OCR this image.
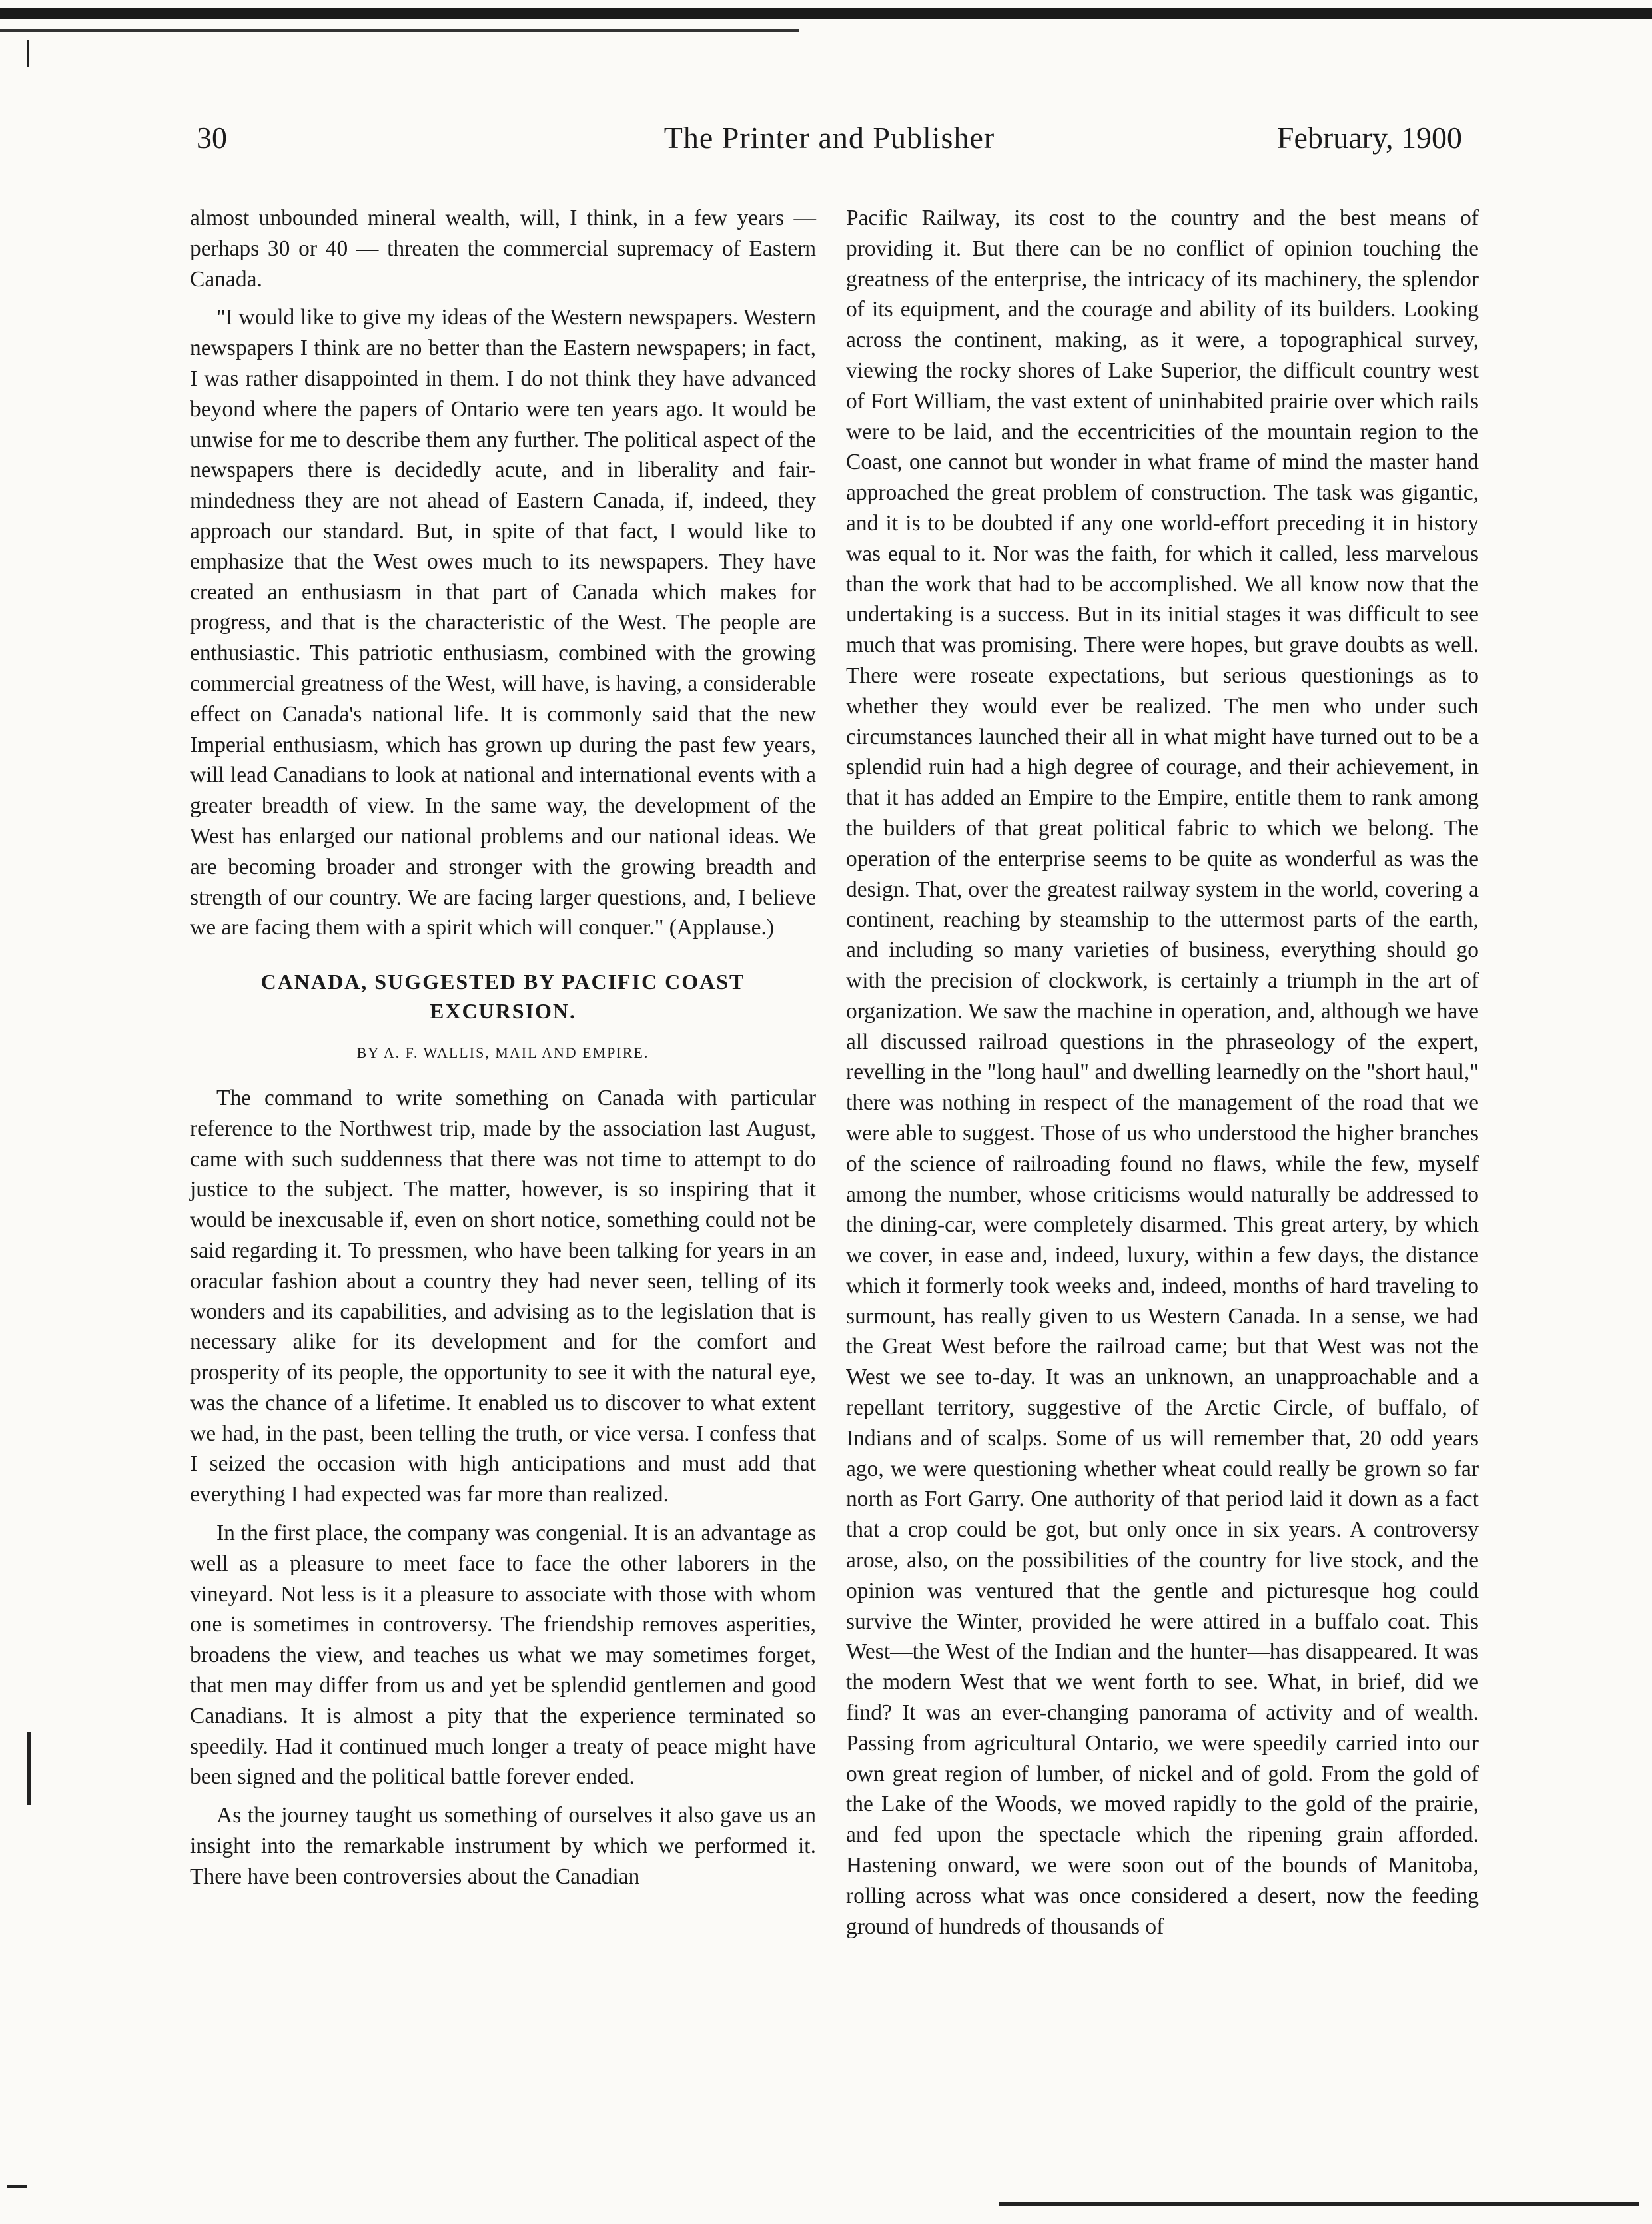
30	The Printer and Publisher	February, 1900

almost unbounded mineral wealth, will, I think, in a few years — perhaps 30 or 40 — threaten the commercial supremacy of Eastern Canada.

"I would like to give my ideas of the Western newspapers. Western newspapers I think are no better than the Eastern newspapers; in fact, I was rather disappointed in them. I do not think they have advanced beyond where the papers of Ontario were ten years ago. It would be unwise for me to describe them any further. The political aspect of the newspapers there is decidedly acute, and in liberality and fair-mindedness they are not ahead of Eastern Canada, if, indeed, they approach our standard. But, in spite of that fact, I would like to emphasize that the West owes much to its newspapers. They have created an enthusiasm in that part of Canada which makes for progress, and that is the characteristic of the West. The people are enthusiastic. This patriotic enthusiasm, combined with the growing commercial greatness of the West, will have, is having, a considerable effect on Canada's national life. It is commonly said that the new Imperial enthusiasm, which has grown up during the past few years, will lead Canadians to look at national and international events with a greater breadth of view. In the same way, the development of the West has enlarged our national problems and our national ideas. We are becoming broader and stronger with the growing breadth and strength of our country. We are facing larger questions, and, I believe we are facing them with a spirit which will conquer." (Applause.)

CANADA, SUGGESTED BY PACIFIC COAST EXCURSION.
BY A. F. WALLIS, MAIL AND EMPIRE.

The command to write something on Canada with particular reference to the Northwest trip, made by the association last August, came with such suddenness that there was not time to attempt to do justice to the subject. The matter, however, is so inspiring that it would be inexcusable if, even on short notice, something could not be said regarding it. To pressmen, who have been talking for years in an oracular fashion about a country they had never seen, telling of its wonders and its capabilities, and advising as to the legislation that is necessary alike for its development and for the comfort and prosperity of its people, the opportunity to see it with the natural eye, was the chance of a lifetime. It enabled us to discover to what extent we had, in the past, been telling the truth, or vice versa. I confess that I seized the occasion with high anticipations and must add that everything I had expected was far more than realized.

In the first place, the company was congenial. It is an advantage as well as a pleasure to meet face to face the other laborers in the vineyard. Not less is it a pleasure to associate with those with whom one is sometimes in controversy. The friendship removes asperities, broadens the view, and teaches us what we may sometimes forget, that men may differ from us and yet be splendid gentlemen and good Canadians. It is almost a pity that the experience terminated so speedily. Had it continued much longer a treaty of peace might have been signed and the political battle forever ended.

As the journey taught us something of ourselves it also gave us an insight into the remarkable instrument by which we performed it. There have been controversies about the Canadian

Pacific Railway, its cost to the country and the best means of providing it. But there can be no conflict of opinion touching the greatness of the enterprise, the intricacy of its machinery, the splendor of its equipment, and the courage and ability of its builders. Looking across the continent, making, as it were, a topographical survey, viewing the rocky shores of Lake Superior, the difficult country west of Fort William, the vast extent of uninhabited prairie over which rails were to be laid, and the eccentricities of the mountain region to the Coast, one cannot but wonder in what frame of mind the master hand approached the great problem of construction. The task was gigantic, and it is to be doubted if any one world-effort preceding it in history was equal to it. Nor was the faith, for which it called, less marvelous than the work that had to be accomplished. We all know now that the undertaking is a success. But in its initial stages it was difficult to see much that was promising. There were hopes, but grave doubts as well. There were roseate expectations, but serious questionings as to whether they would ever be realized. The men who under such circumstances launched their all in what might have turned out to be a splendid ruin had a high degree of courage, and their achievement, in that it has added an Empire to the Empire, entitle them to rank among the builders of that great political fabric to which we belong. The operation of the enterprise seems to be quite as wonderful as was the design. That, over the greatest railway system in the world, covering a continent, reaching by steamship to the uttermost parts of the earth, and including so many varieties of business, everything should go with the precision of clockwork, is certainly a triumph in the art of organization. We saw the machine in operation, and, although we have all discussed railroad questions in the phraseology of the expert, revelling in the "long haul" and dwelling learnedly on the "short haul," there was nothing in respect of the management of the road that we were able to suggest. Those of us who understood the higher branches of the science of railroading found no flaws, while the few, myself among the number, whose criticisms would naturally be addressed to the dining-car, were completely disarmed. This great artery, by which we cover, in ease and, indeed, luxury, within a few days, the distance which it formerly took weeks and, indeed, months of hard traveling to surmount, has really given to us Western Canada. In a sense, we had the Great West before the railroad came; but that West was not the West we see to-day. It was an unknown, an unapproachable and a repellant territory, suggestive of the Arctic Circle, of buffalo, of Indians and of scalps. Some of us will remember that, 20 odd years ago, we were questioning whether wheat could really be grown so far north as Fort Garry. One authority of that period laid it down as a fact that a crop could be got, but only once in six years. A controversy arose, also, on the possibilities of the country for live stock, and the opinion was ventured that the gentle and picturesque hog could survive the Winter, provided he were attired in a buffalo coat. This West—the West of the Indian and the hunter—has disappeared. It was the modern West that we went forth to see. What, in brief, did we find? It was an ever-changing panorama of activity and of wealth. Passing from agricultural Ontario, we were speedily carried into our own great region of lumber, of nickel and of gold. From the gold of the Lake of the Woods, we moved rapidly to the gold of the prairie, and fed upon the spectacle which the ripening grain afforded. Hastening onward, we were soon out of the bounds of Manitoba, rolling across what was once considered a desert, now the feeding ground of hundreds of thousands of
